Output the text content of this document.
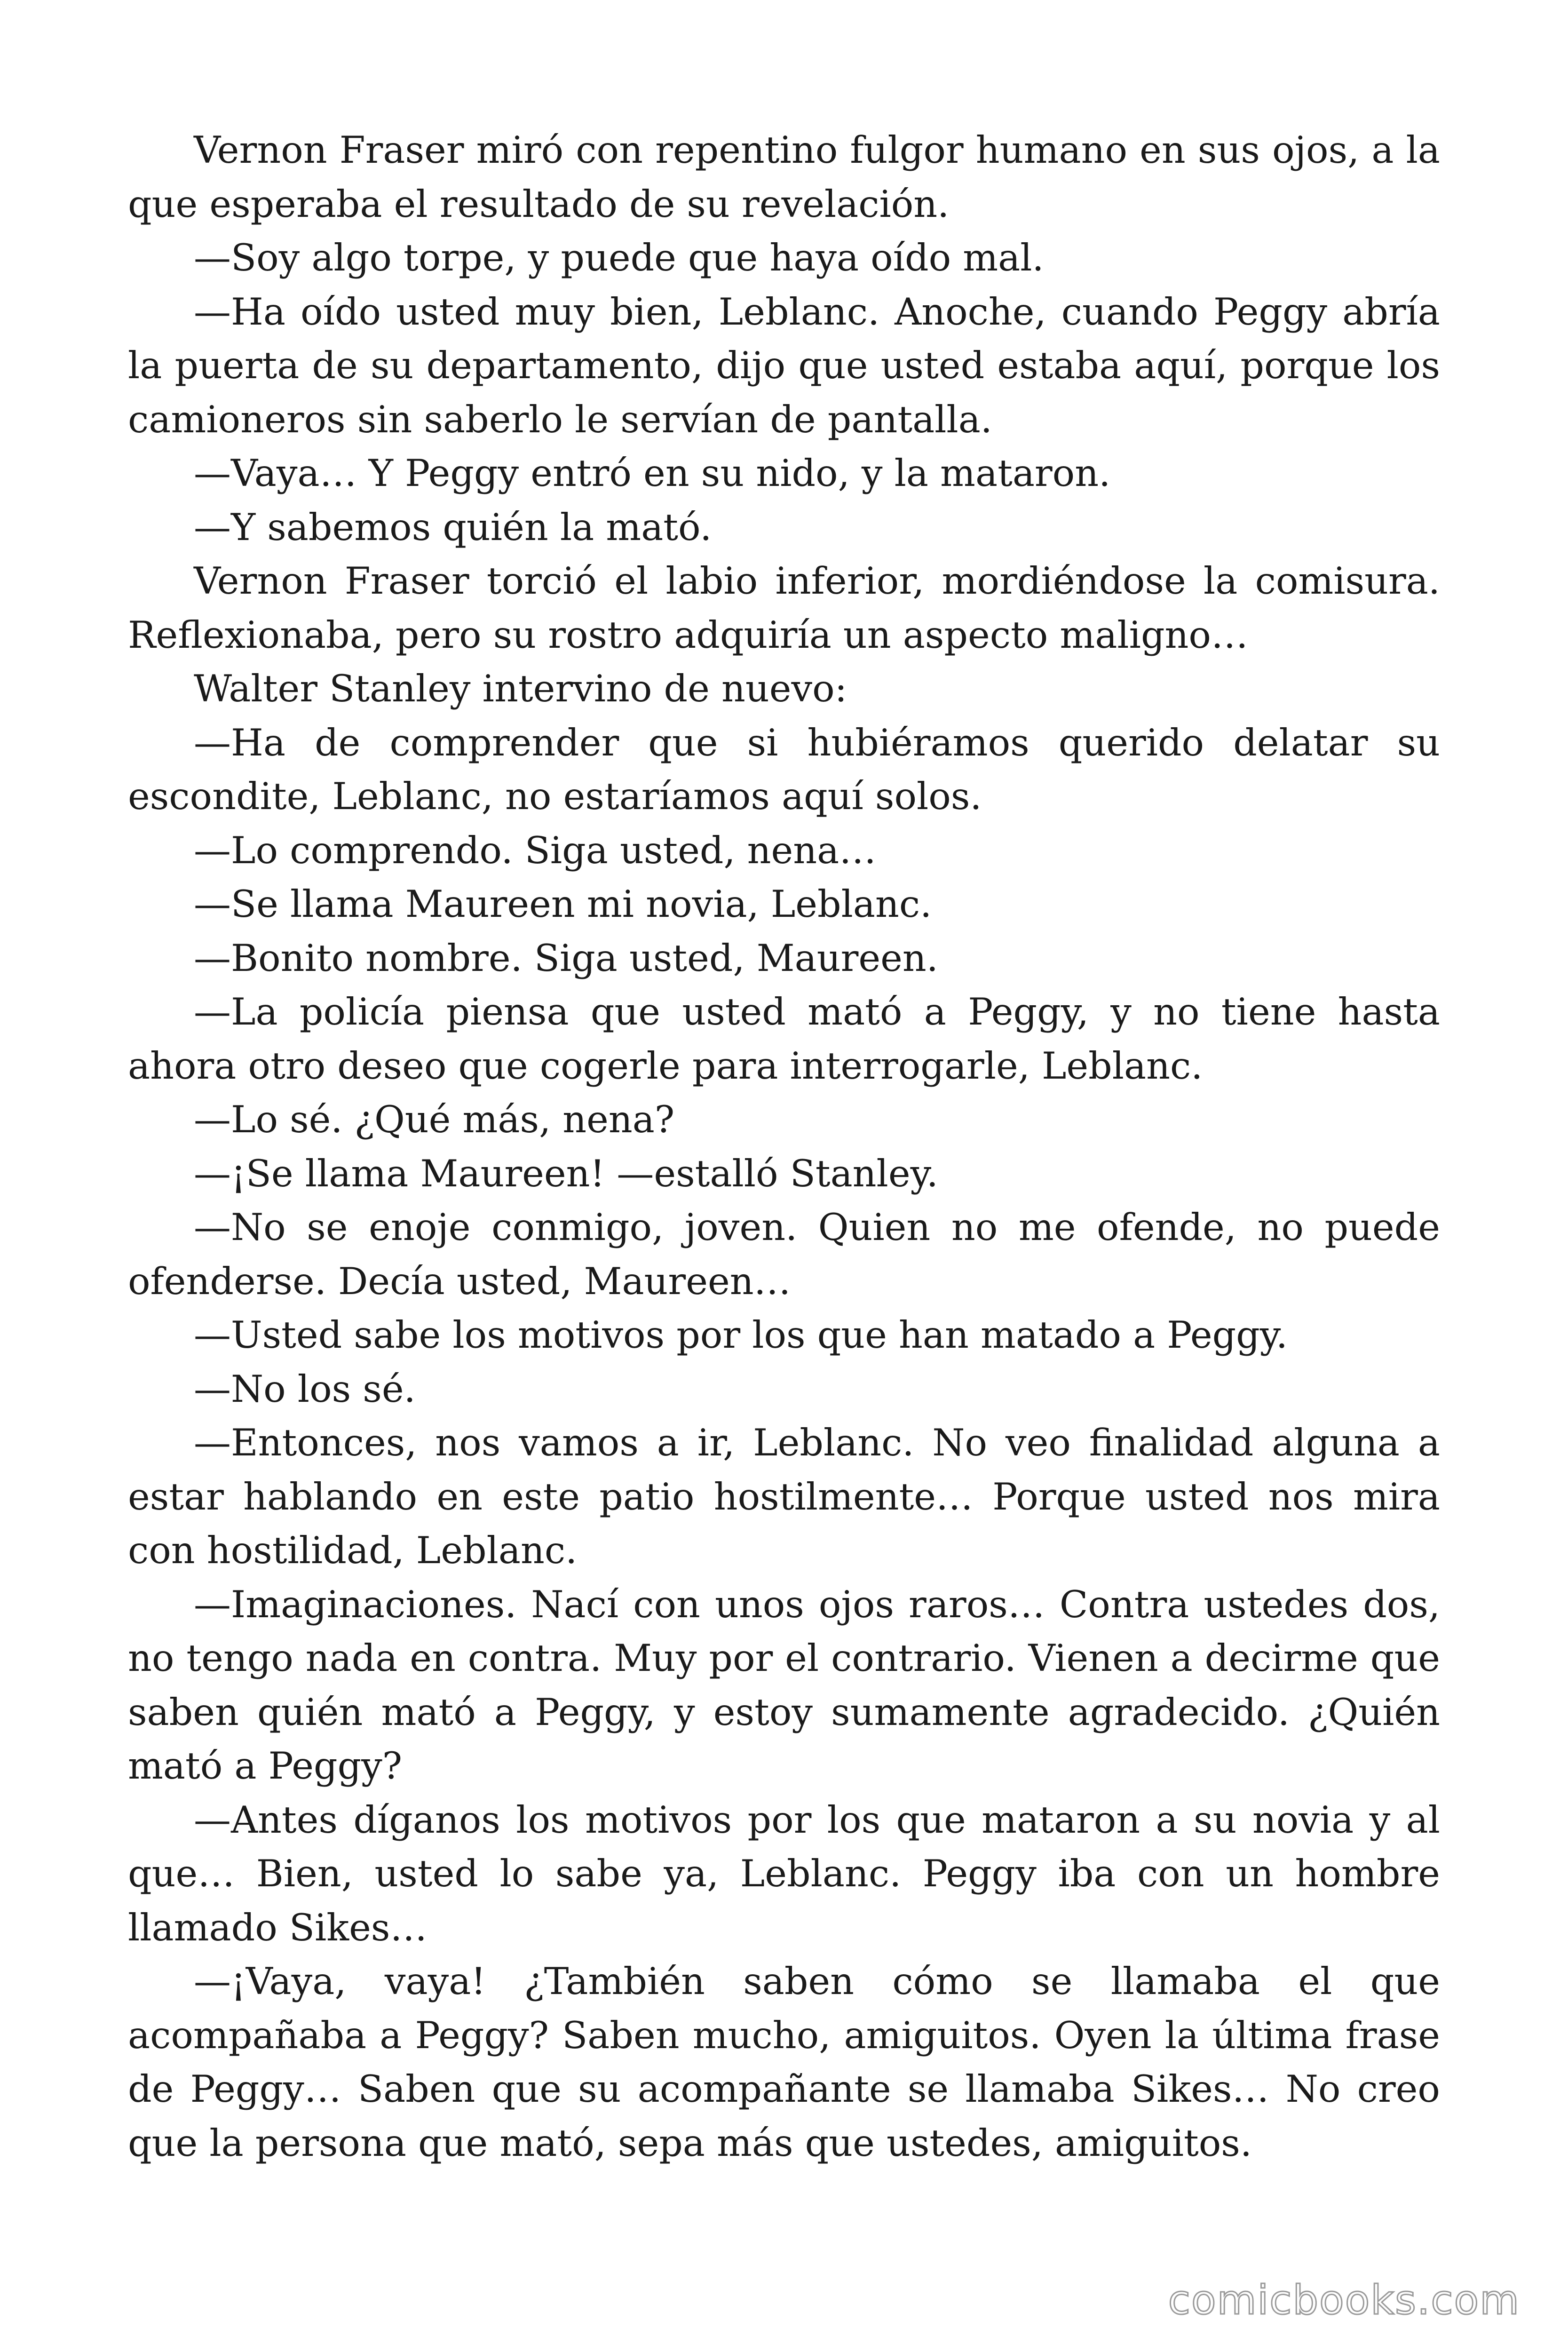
Vernon Fraser miró con repentino fulgor humano en sus ojos, a la que esperaba el resultado de su revelación.

—Soy algo torpe, y puede que haya oído mal.

—Ha oído usted muy bien, Leblanc. Anoche, cuando Peggy abría la puerta de su departamento, dijo que usted estaba aquí, porque los camioneros sin saberlo le servían de pantalla.

—Vaya… Y Peggy entró en su nido, y la mataron.

—Y sabemos quién la mató.

Vernon Fraser torció el labio inferior, mordiéndose la comisura. Reflexionaba, pero su rostro adquiría un aspecto maligno…

Walter Stanley intervino de nuevo:

—Ha de comprender que si hubiéramos querido delatar su escondite, Leblanc, no estaríamos aquí solos.

—Lo comprendo. Siga usted, nena…

—Se llama Maureen mi novia, Leblanc.

—Bonito nombre. Siga usted, Maureen.

—La policía piensa que usted mató a Peggy, y no tiene hasta ahora otro deseo que cogerle para interrogarle, Leblanc.

—Lo sé. ¿Qué más, nena?

—¡Se llama Maureen! —estalló Stanley.

—No se enoje conmigo, joven. Quien no me ofende, no puede ofenderse. Decía usted, Maureen…

—Usted sabe los motivos por los que han matado a Peggy.

—No los sé.

—Entonces, nos vamos a ir, Leblanc. No veo finalidad alguna a estar hablando en este patio hostilmente… Porque usted nos mira con hostilidad, Leblanc.

—Imaginaciones. Nací con unos ojos raros… Contra ustedes dos, no tengo nada en contra. Muy por el contrario. Vienen a decirme que saben quién mató a Peggy, y estoy sumamente agradecido. ¿Quién mató a Peggy?

—Antes díganos los motivos por los que mataron a su novia y al que… Bien, usted lo sabe ya, Leblanc. Peggy iba con un hombre llamado Sikes…

—¡Vaya, vaya! ¿También saben cómo se llamaba el que acompañaba a Peggy? Saben mucho, amiguitos. Oyen la última frase de Peggy… Saben que su acompañante se llamaba Sikes… No creo que la persona que mató, sepa más que ustedes, amiguitos.

comicbooks.com
